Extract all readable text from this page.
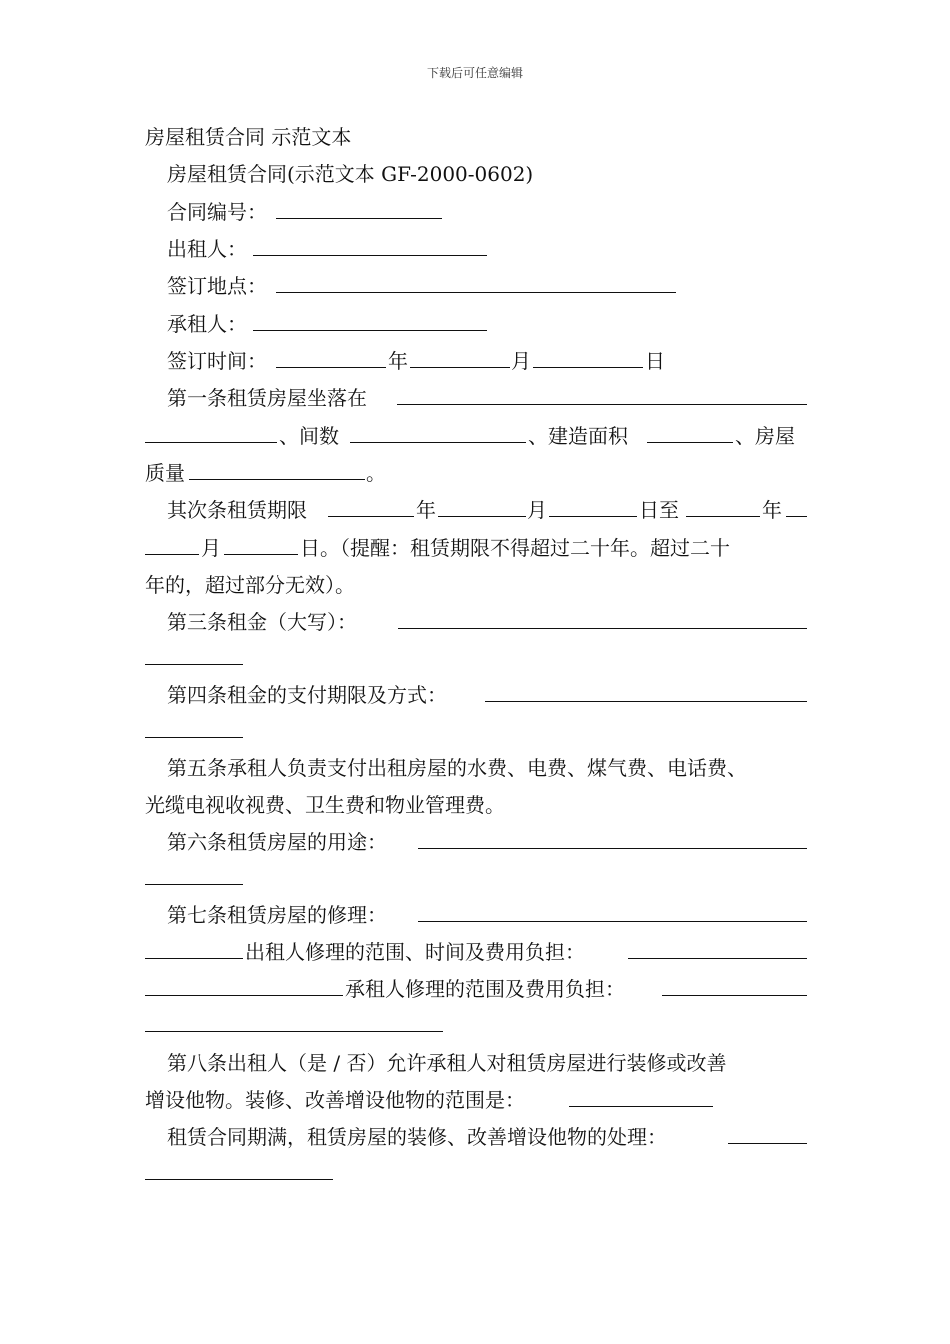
下载后可任意编辑
房屋租赁合同 示范文本
房屋租赁合同(示范文本 GF-2000-0602)
合同编号：
出租人：
签订地点：
承租人：
签订时间：	年	月	日
第一条租赁房屋坐落在
、间数	、建造面积	、房屋
质量	。
其次条租赁期限	年	月	日至	年
月	日。（提醒：租赁期限不得超过二十年。超过二十
年的，超过部分无效）。
第三条租金（大写）：
第四条租金的支付期限及方式：
第五条承租人负责支付出租房屋的水费、电费、煤气费、电话费、
光缆电视收视费、卫生费和物业管理费。
第六条租赁房屋的用途：
第七条租赁房屋的修理：
出租人修理的范围、时间及费用负担：
承租人修理的范围及费用负担：
第八条出租人（是 / 否）允许承租人对租赁房屋进行装修或改善
增设他物。装修、改善增设他物的范围是：
租赁合同期满，租赁房屋的装修、改善增设他物的处理：
